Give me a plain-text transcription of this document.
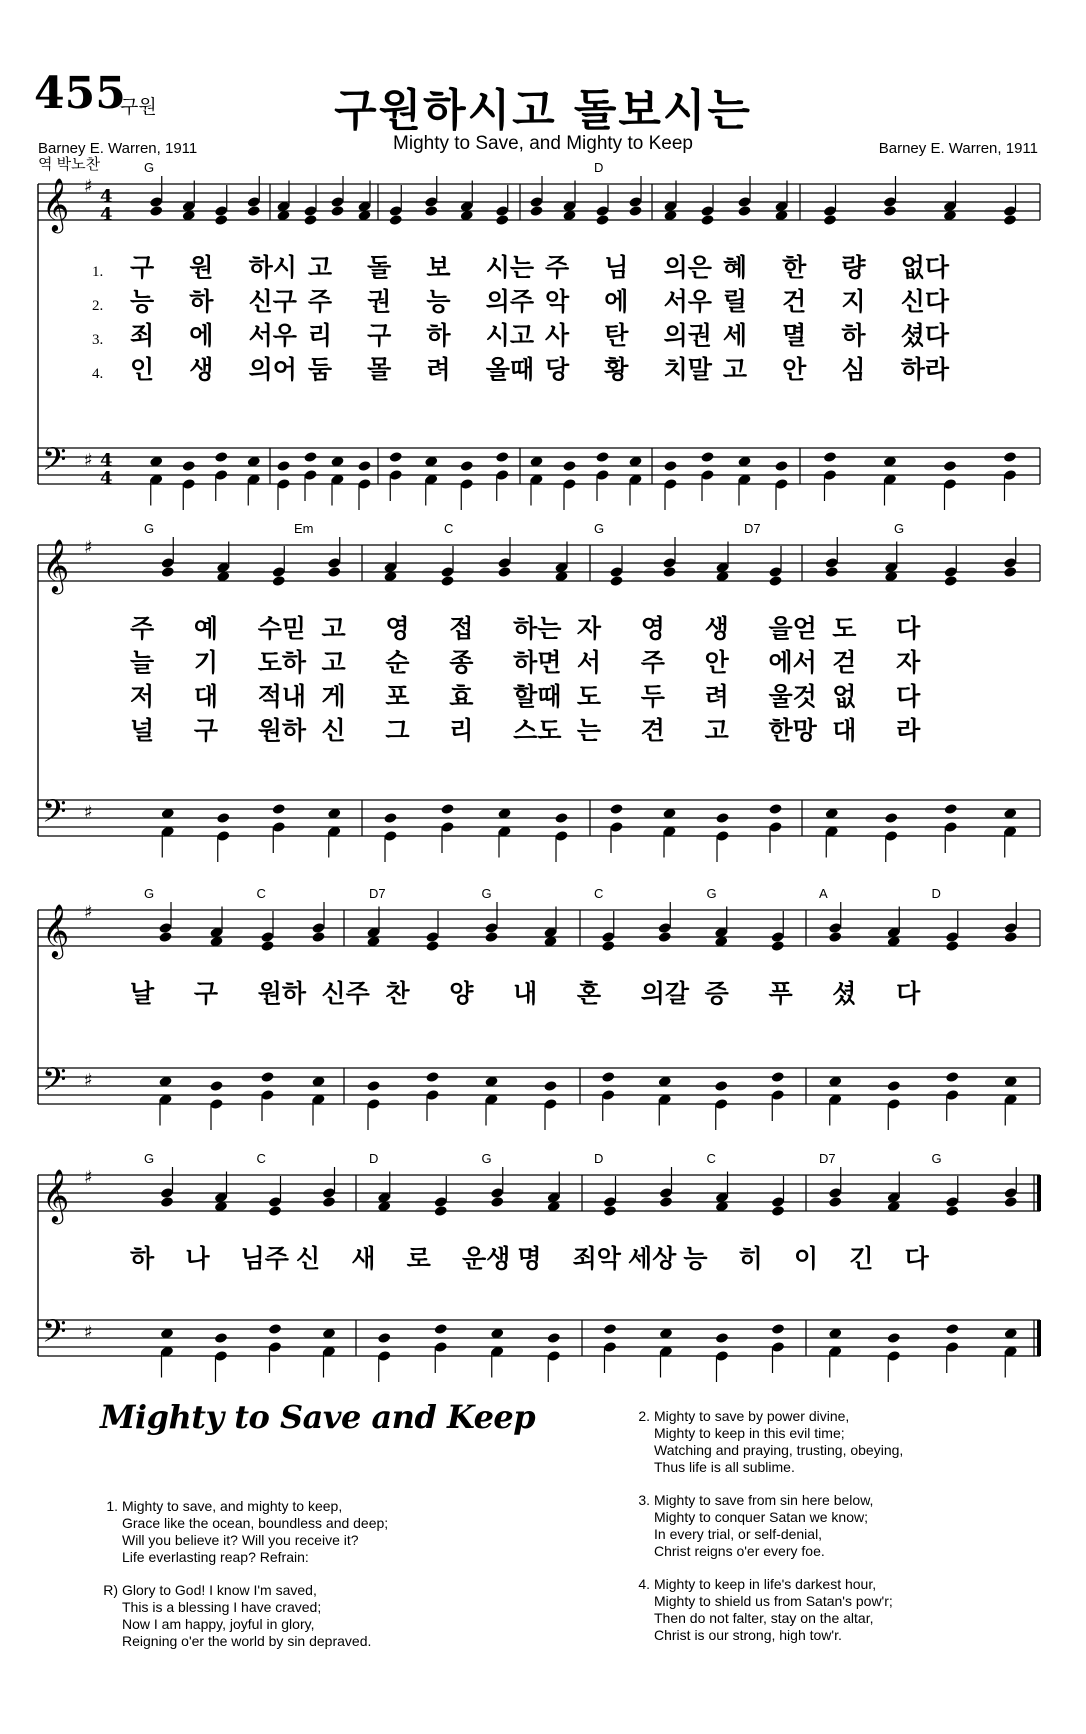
455
구원	구원하시고 돌보시는
Mighty to Save, and Mighty to Keep
Barney E. Warren, 1911
역 박노찬
Barney E. Warren, 1911
𝄞
𝄢
♯
♯
4
4
4
4
G	D
1. 구 원 하시 고 돌 보 시는 주 님 의은 혜 한 량 없다
2. 능 하 신구 주 권 능 의주 악 에 서우 릴 건 지 신다
3. 죄 에 서우 리 구 하 시고 사 탄 의권 세 멸 하 셨다
4. 인 생 의어 둠 몰 려 올때 당 황 치말 고 안 심 하라
𝄞
𝄢
♯
♯
G	Em	C	G	D7	G
주 예 수믿 고 영 접 하는 자 영 생 을얻 도 다
늘 기 도하 고 순 종 하면 서 주 안 에서 걷 자
저 대 적내 게 포 효 할때 도 두 려 울것 없 다
널 구 원하 신 그 리 스도 는 견 고 한망 대 라
𝄞
𝄢
♯
♯
G	C	D7	G	C	G	A	D
날 구 원하 신주 찬 양 내 혼 의갈 증 푸 셨 다
𝄞
𝄢
♯
♯
G	C	D	G	D	C	D7	G
하 나 님주 신 새 로 운생 명 죄악 세상 능 히 이 긴 다
Mighty to Save and Keep
1. Mighty to save, and mighty to keep,
Grace like the ocean, boundless and deep;
Will you believe it? Will you receive it?
Life everlasting reap? Refrain:
R) Glory to God! I know I'm saved,
This is a blessing I have craved;
Now I am happy, joyful in glory,
Reigning o'er the world by sin depraved.
2. Mighty to save by power divine,
Mighty to keep in this evil time;
Watching and praying, trusting, obeying,
Thus life is all sublime.
3. Mighty to save from sin here below,
Mighty to conquer Satan we know;
In every trial, or self-denial,
Christ reigns o'er every foe.
4. Mighty to keep in life's darkest hour,
Mighty to shield us from Satan's pow'r;
Then do not falter, stay on the altar,
Christ is our strong, high tow'r.
